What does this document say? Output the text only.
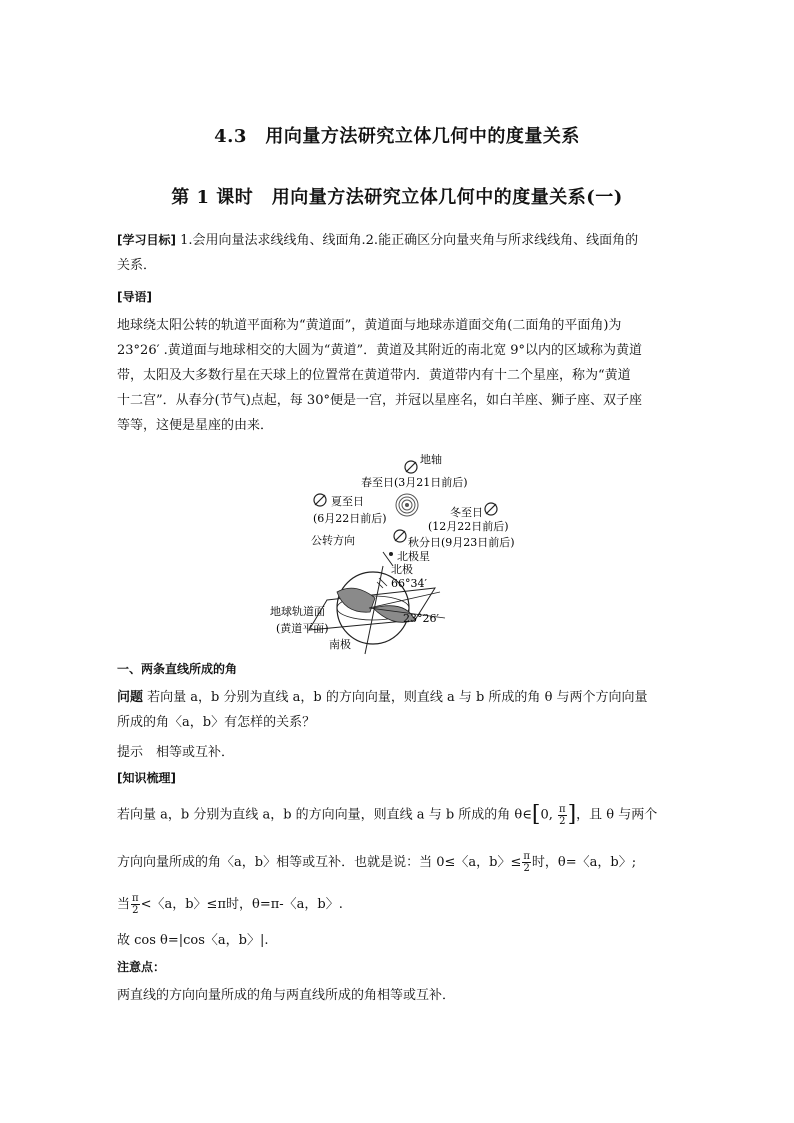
4.3　用向量方法研究立体几何中的度量关系
第 1 课时　用向量方法研究立体几何中的度量关系(一)
[学习目标] 1.会用向量法求线线角、线面角.2.能正确区分向量夹角与所求线线角、线面角的
关系．
[导语]
地球绕太阳公转的轨道平面称为“黄道面”，黄道面与地球赤道面交角(二面角的平面角)为
23°26′ .黄道面与地球相交的大圆为“黄道”．黄道及其附近的南北宽 9°以内的区域称为黄道
带，太阳及大多数行星在天球上的位置常在黄道带内．黄道带内有十二个星座，称为“黄道
十二宫”．从春分(节气)点起，每 30°便是一宫，并冠以星座名，如白羊座、狮子座、双子座
等等，这便是星座的由来．
地轴
春至日(3月21日前后)
夏至日
(6月22日前后)	冬至日
(12月22日前后)
秋分日(9月23日前后)
公转方向
北极星
北极
66°34′
地球轨道面
(黄道平面)
23°26′
南极
一、两条直线所成的角
问题 若向量 a，b 分别为直线 a，b 的方向向量，则直线 a 与 b 所成的角 θ 与两个方向向量
所成的角〈a，b〉有怎样的关系？
提示　相等或互补．
[知识梳理]
若向量 a，b 分别为直线 a，b 的方向向量，则直线 a 与 b 所成的角 θ∈[0, $\frac{\pi}{2}$ ]，且 θ 与两个
方向向量所成的角〈a，b〉相等或互补．也就是说：当 0≤〈a，b〉≤ $\frac{\pi}{2}$ 时，θ=〈a，b〉;
当 $\frac{\pi}{2}$ <〈a，b〉≤π时，θ=π-〈a，b〉.
故 cos θ=|cos〈a，b〉|.
注意点：
两直线的方向向量所成的角与两直线所成的角相等或互补．
